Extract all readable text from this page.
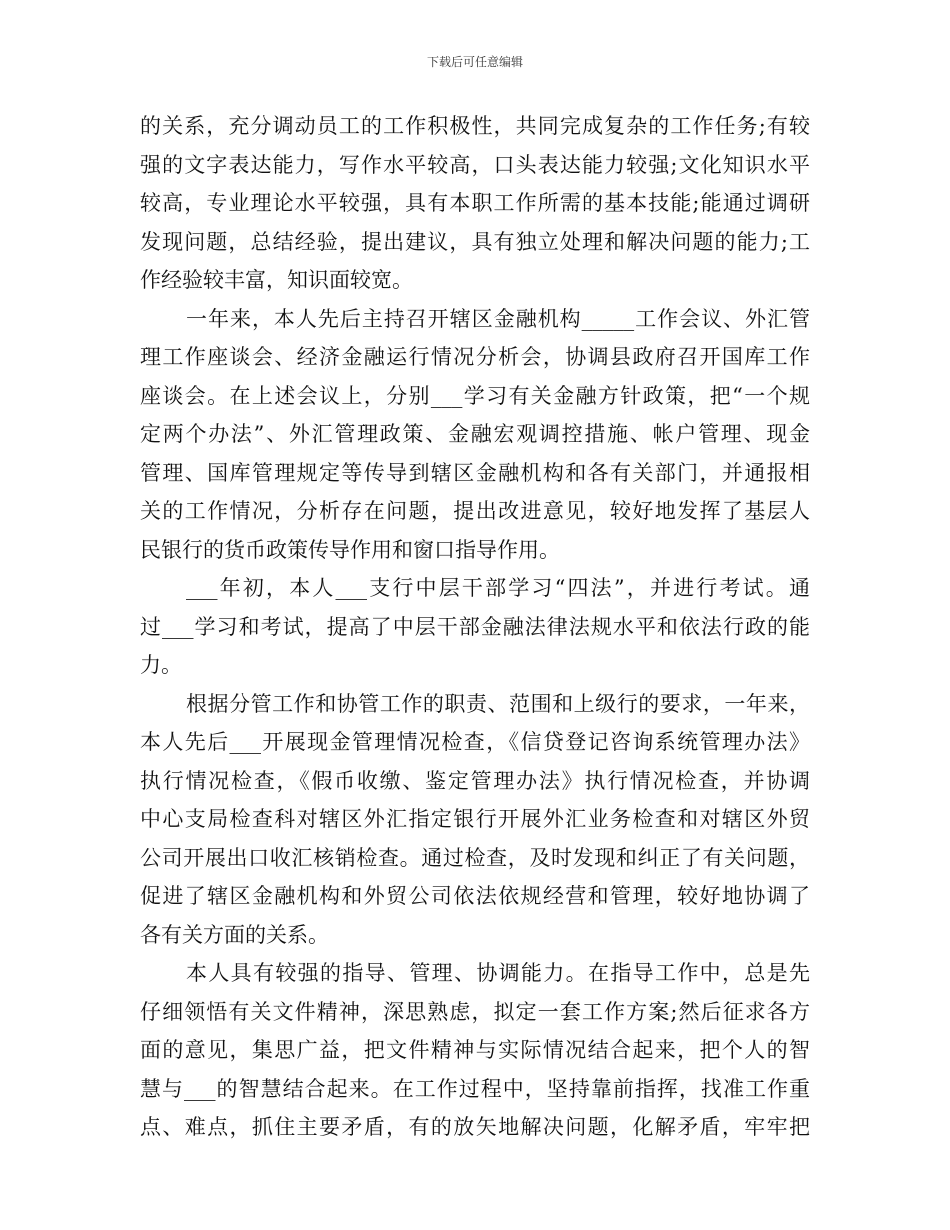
下载后可任意编辑
的关系，充分调动员工的工作积极性，共同完成复杂的工作任务;有较
强的文字表达能力，写作水平较高，口头表达能力较强;文化知识水平
较高，专业理论水平较强，具有本职工作所需的基本技能;能通过调研
发现问题，总结经验，提出建议，具有独立处理和解决问题的能力;工
作经验较丰富，知识面较宽。
一年来，本人先后主持召开辖区金融机构_____工作会议、外汇管
理工作座谈会、经济金融运行情况分析会，协调县政府召开国库工作
座谈会。在上述会议上，分别___学习有关金融方针政策，把“一个规
定两个办法”、外汇管理政策、金融宏观调控措施、帐户管理、现金
管理、国库管理规定等传导到辖区金融机构和各有关部门，并通报相
关的工作情况，分析存在问题，提出改进意见，较好地发挥了基层人
民银行的货币政策传导作用和窗口指导作用。
___年初，本人___支行中层干部学习“四法”，并进行考试。通
过___学习和考试，提高了中层干部金融法律法规水平和依法行政的能
力。
根据分管工作和协管工作的职责、范围和上级行的要求，一年来，
本人先后___开展现金管理情况检查，《信贷登记咨询系统管理办法》
执行情况检查，《假币收缴、鉴定管理办法》执行情况检查，并协调
中心支局检查科对辖区外汇指定银行开展外汇业务检查和对辖区外贸
公司开展出口收汇核销检查。通过检查，及时发现和纠正了有关问题，
促进了辖区金融机构和外贸公司依法依规经营和管理，较好地协调了
各有关方面的关系。
本人具有较强的指导、管理、协调能力。在指导工作中，总是先
仔细领悟有关文件精神，深思熟虑，拟定一套工作方案;然后征求各方
面的意见，集思广益，把文件精神与实际情况结合起来，把个人的智
慧与___的智慧结合起来。在工作过程中，坚持靠前指挥，找准工作重
点、难点，抓住主要矛盾，有的放矢地解决问题，化解矛盾，牢牢把
